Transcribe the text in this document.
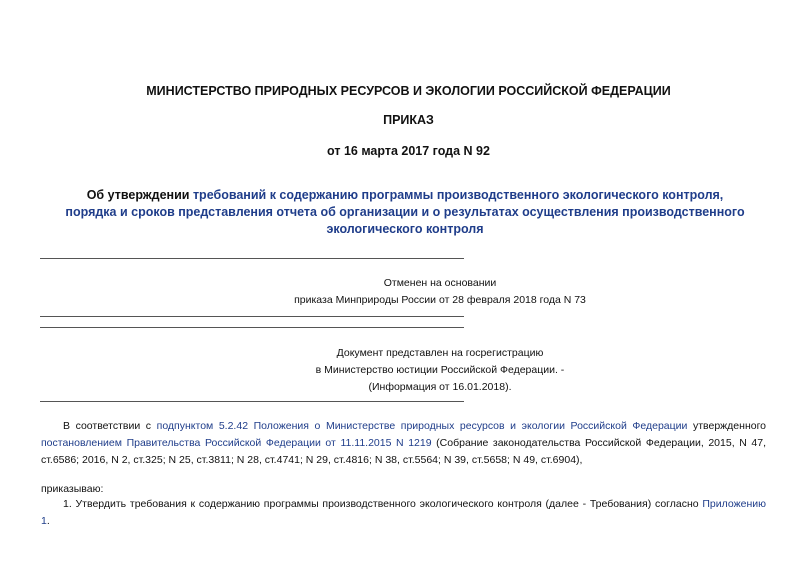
МИНИСТЕРСТВО ПРИРОДНЫХ РЕСУРСОВ И ЭКОЛОГИИ РОССИЙСКОЙ ФЕДЕРАЦИИ
ПРИКАЗ
от 16 марта 2017 года N 92
Об утверждении требований к содержанию программы производственного экологического контроля, порядка и сроков представления отчета об организации и о результатах осуществления производственного экологического контроля
Отменен на основании
приказа Минприроды России от 28 февраля 2018 года N 73
Документ представлен на госрегистрацию
в Министерство юстиции Российской Федерации. -
(Информация от 16.01.2018).
В соответствии с подпунктом 5.2.42 Положения о Министерстве природных ресурсов и экологии Российской Федерации утвержденного постановлением Правительства Российской Федерации от 11.11.2015 N 1219 (Собрание законодательства Российской Федерации, 2015, N 47, ст.6586; 2016, N 2, ст.325; N 25, ст.3811; N 28, ст.4741; N 29, ст.4816; N 38, ст.5564; N 39, ст.5658; N 49, ст.6904),
приказываю:
1. Утвердить требования к содержанию программы производственного экологического контроля (далее - Требования) согласно Приложению 1.
